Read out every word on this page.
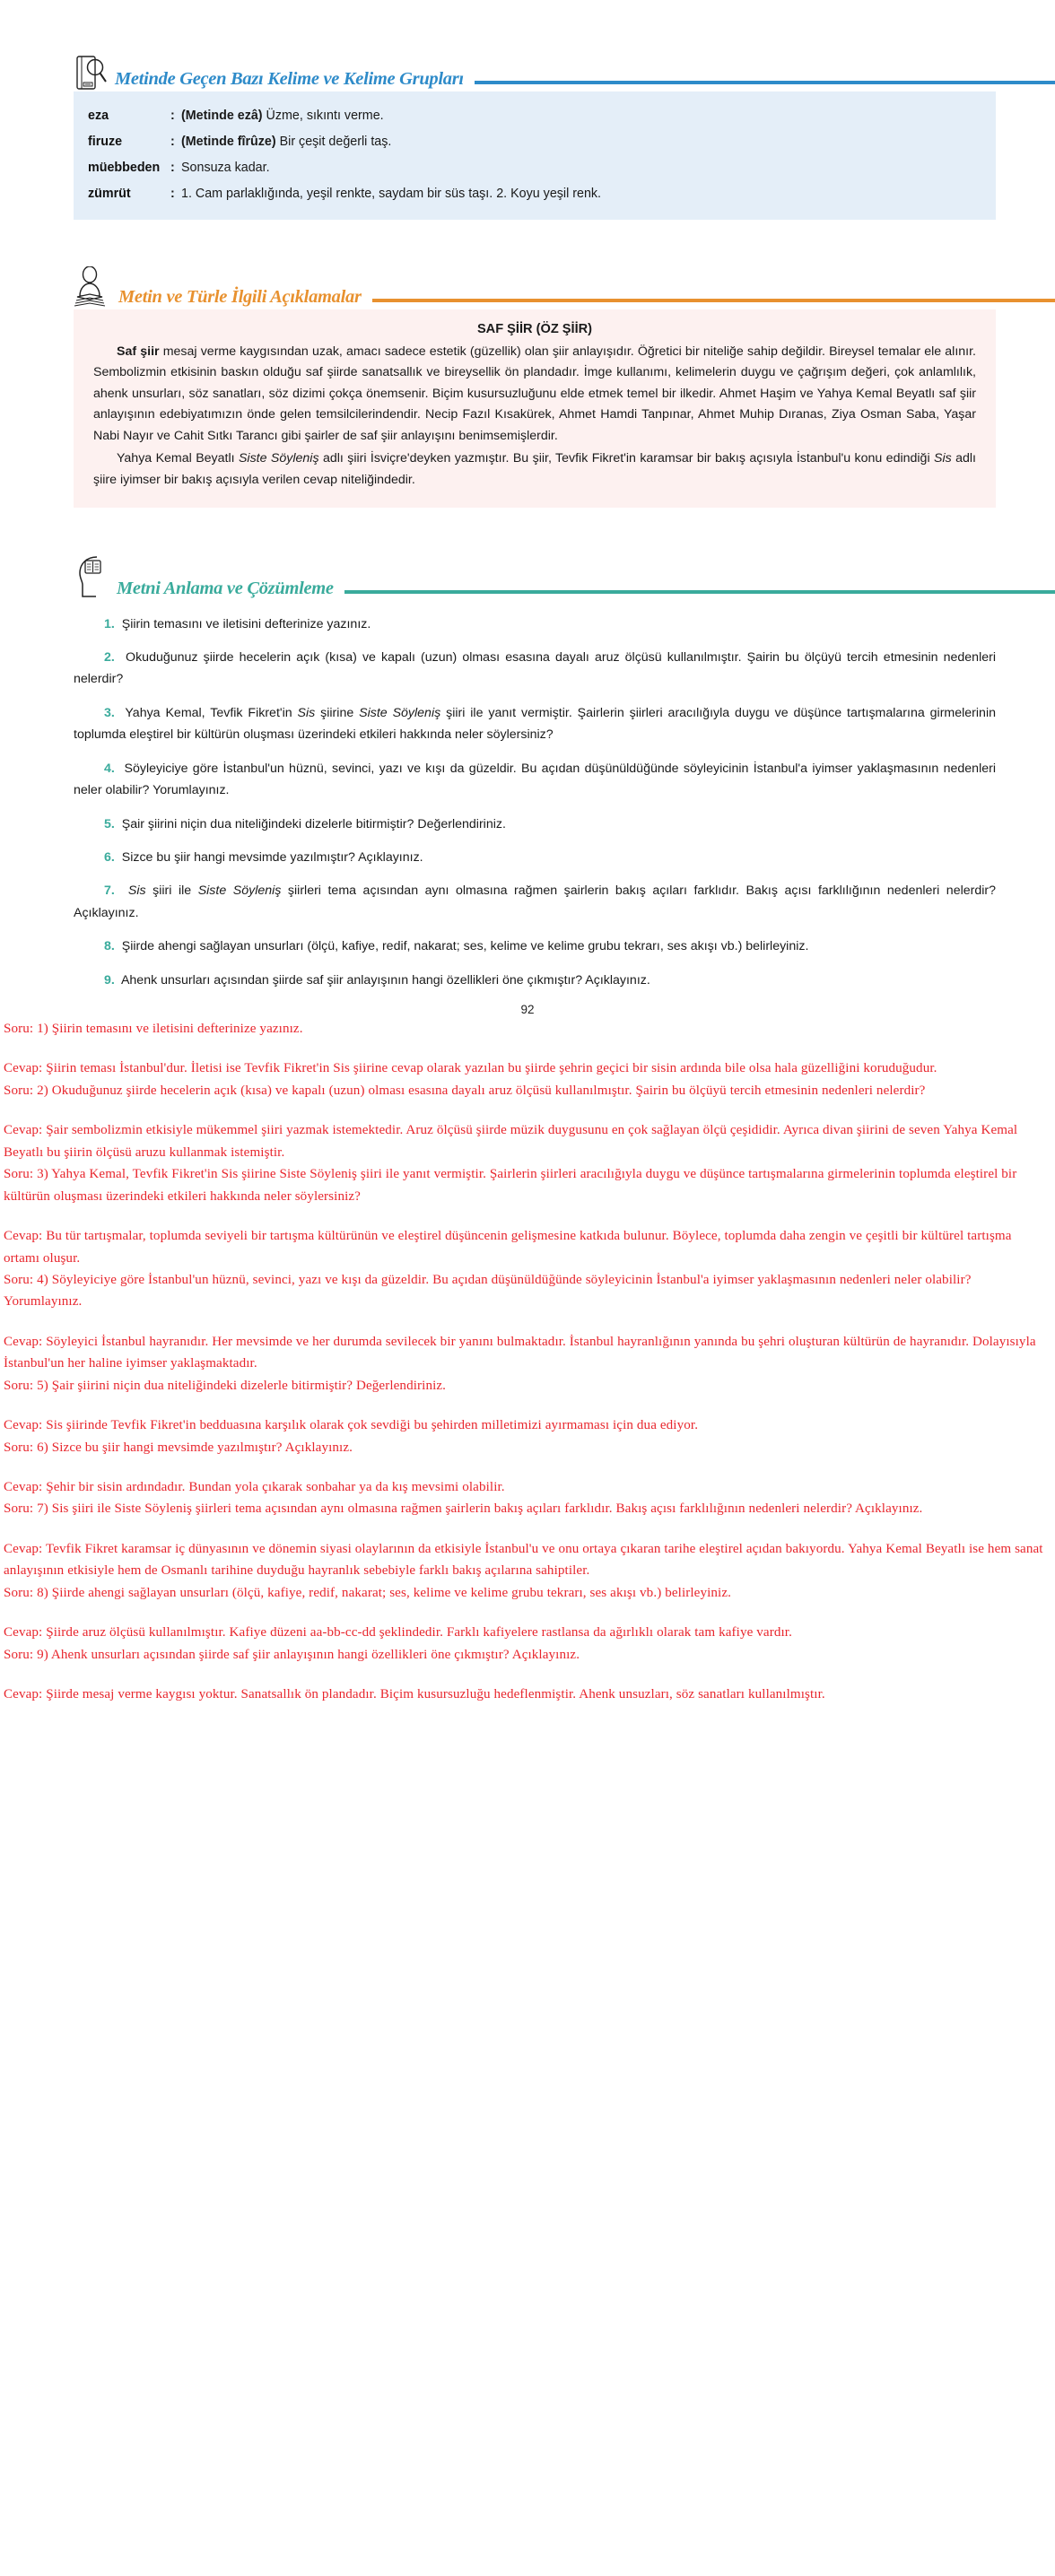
Metinde Geçen Bazı Kelime ve Kelime Grupları
eza	: (Metinde ezâ) Üzme, sıkıntı verme.
firuze	: (Metinde fîrûze) Bir çeşit değerli taş.
müebbeden : Sonsuza kadar.
zümrüt	: 1. Cam parlaklığında, yeşil renkte, saydam bir süs taşı. 2. Koyu yeşil renk.
Metin ve Türle İlgili Açıklamalar
SAF ŞİİR (ÖZ ŞİİR)

Saf şiir mesaj verme kaygısından uzak, amacı sadece estetik (güzellik) olan şiir anlayışıdır. Öğretici bir niteliğe sahip değildir. Bireysel temalar ele alınır. Sembolizmin etkisinin baskın olduğu saf şiirde sanatsallık ve bireysellik ön plandadır. İmge kullanımı, kelimelerin duygu ve çağrışım değeri, çok anlamlılık, ahenk unsurları, söz sanatları, söz dizimi çokça önemsenir. Biçim kusursuzluğunu elde etmek temel bir ilkedir. Ahmet Haşim ve Yahya Kemal Beyatlı saf şiir anlayışının edebiyatımızın önde gelen temsilcilerindendir. Necip Fazıl Kısakürek, Ahmet Hamdi Tanpınar, Ahmet Muhip Dıranas, Ziya Osman Saba, Yaşar Nabi Nayır ve Cahit Sıtkı Tarancı gibi şairler de saf şiir anlayışını benimsemişlerdir.

Yahya Kemal Beyatlı Siste Söyleniş adlı şiiri İsviçre'deyken yazmıştır. Bu şiir, Tevfik Fikret'in karamsar bir bakış açısıyla İstanbul'u konu edindiği Sis adlı şiire iyimser bir bakış açısıyla verilen cevap niteliğindedir.

Metni Anlama ve Çözümleme

1. Şiirin temasını ve iletisini defterinize yazınız.

2. Okuduğunuz şiirde hecelerin açık (kısa) ve kapalı (uzun) olması esasına dayalı aruz ölçüsü kullanılmıştır. Şairin bu ölçüyü tercih etmesinin nedenleri nelerdir?

3. Yahya Kemal, Tevfik Fikret'in Sis şiirine Siste Söyleniş şiiri ile yanıt vermiştir. Şairlerin şiirleri aracılığıyla duygu ve düşünce tartışmalarına girmelerinin toplumda eleştirel bir kültürün oluşması üzerindeki etkileri hakkında neler söylersiniz?

4. Söyleyiciye göre İstanbul'un hüznü, sevinci, yazı ve kışı da güzeldir. Bu açıdan düşünüldüğünde söyleyicinin İstanbul'a iyimser yaklaşmasının nedenleri neler olabilir? Yorumlayınız.

5. Şair şiirini niçin dua niteliğindeki dizelerle bitirmiştir? Değerlendiriniz.

6. Sizce bu şiir hangi mevsimde yazılmıştır? Açıklayınız.

7. Sis şiiri ile Siste Söyleniş şiirleri tema açısından aynı olmasına rağmen şairlerin bakış açıları farklıdır. Bakış açısı farklılığının nedenleri nelerdir? Açıklayınız.

8. Şiirde ahengi sağlayan unsurları (ölçü, kafiye, redif, nakarat; ses, kelime ve kelime grubu tekrarı, ses akışı vb.) belirleyiniz.

9. Ahenk unsurları açısından şiirde saf şiir anlayışının hangi özellikleri öne çıkmıştır? Açıklayınız.

92

Soru: 1) Şiirin temasını ve iletisini defterinize yazınız.

Cevap: Şiirin teması İstanbul'dur. İletisi ise Tevfik Fikret'in Sis şiirine cevap olarak yazılan bu şiirde şehrin geçici bir sisin ardında bile olsa hala güzelliğini koruduğudur.

Soru: 2) Okuduğunuz şiirde hecelerin açık (kısa) ve kapalı (uzun) olması esasına dayalı aruz ölçüsü kullanılmıştır. Şairin bu ölçüyü tercih etmesinin nedenleri nelerdir?

Cevap: Şair sembolizmin etkisiyle mükemmel şiiri yazmak istemektedir. Aruz ölçüsü şiirde müzik duygusunu en çok sağlayan ölçü çeşididir. Ayrıca divan şiirini de seven Yahya Kemal Beyatlı bu şiirin ölçüsü aruzu kullanmak istemiştir.

Soru: 3) Yahya Kemal, Tevfik Fikret'in Sis şiirine Siste Söyleniş şiiri ile yanıt vermiştir. Şairlerin şiirleri aracılığıyla duygu ve düşünce tartışmalarına girmelerinin toplumda eleştirel bir kültürün oluşması üzerindeki etkileri hakkında neler söylersiniz?

Cevap: Bu tür tartışmalar, toplumda seviyeli bir tartışma kültürünün ve eleştirel düşüncenin gelişmesine katkıda bulunur. Böylece, toplumda daha zengin ve çeşitli bir kültürel tartışma ortamı oluşur.

Soru: 4) Söyleyiciye göre İstanbul'un hüznü, sevinci, yazı ve kışı da güzeldir. Bu açıdan düşünüldüğünde söyleyicinin İstanbul'a iyimser yaklaşmasının nedenleri neler olabilir? Yorumlayınız.

Cevap: Söyleyici İstanbul hayranıdır. Her mevsimde ve her durumda sevilecek bir yanını bulmaktadır. İstanbul hayranlığının yanında bu şehri oluşturan kültürün de hayranıdır. Dolayısıyla İstanbul'un her haline iyimser yaklaşmaktadır.

Soru: 5) Şair şiirini niçin dua niteliğindeki dizelerle bitirmiştir? Değerlendiriniz.

Cevap: Sis şiirinde Tevfik Fikret'in bedduasına karşılık olarak çok sevdiği bu şehirden milletimizi ayırmaması için dua ediyor.

Soru: 6) Sizce bu şiir hangi mevsimde yazılmıştır? Açıklayınız.

Cevap: Şehir bir sisin ardındadır. Bundan yola çıkarak sonbahar ya da kış mevsimi olabilir.

Soru: 7) Sis şiiri ile Siste Söyleniş şiirleri tema açısından aynı olmasına rağmen şairlerin bakış açıları farklıdır. Bakış açısı farklılığının nedenleri nelerdir? Açıklayınız.

Cevap: Tevfik Fikret karamsar iç dünyasının ve dönemin siyasi olaylarının da etkisiyle İstanbul'u ve onu ortaya çıkaran tarihe eleştirel açıdan bakıyordu. Yahya Kemal Beyatlı ise hem sanat anlayışının etkisiyle hem de Osmanlı tarihine duyduğu hayranlık sebebiyle farklı bakış açılarına sahiptiler.

Soru: 8) Şiirde ahengi sağlayan unsurları (ölçü, kafiye, redif, nakarat; ses, kelime ve kelime grubu tekrarı, ses akışı vb.) belirleyiniz.

Cevap: Şiirde aruz ölçüsü kullanılmıştır. Kafiye düzeni aa-bb-cc-dd şeklindedir. Farklı kafiyelere rastlansa da ağırlıklı olarak tam kafiye vardır.

Soru: 9) Ahenk unsurları açısından şiirde saf şiir anlayışının hangi özellikleri öne çıkmıştır? Açıklayınız.

Cevap: Şiirde mesaj verme kaygısı yoktur. Sanatsallık ön plandadır. Biçim kusursuzluğu hedeflenmiştir. Ahenk unsuzları, söz sanatları kullanılmıştır.
